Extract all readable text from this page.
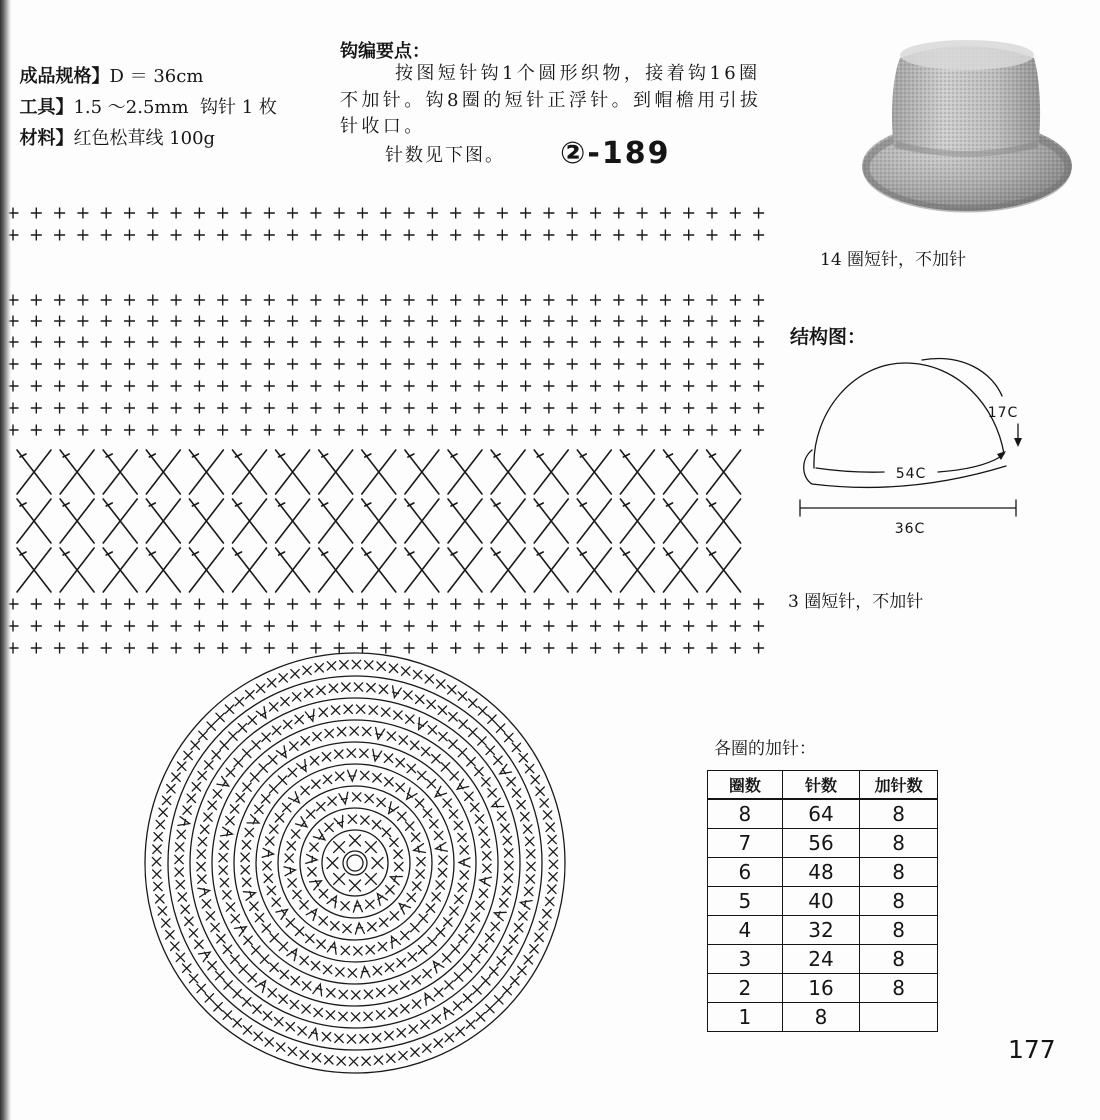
成品规格】D ＝ 36cm

工具】1.5 ～2.5mm  钩针 1 枚

材料】红色松茸线 100g

钩编要点：
按图短针钩1个圆形织物，接着钩16圈
不加针。钩8圈的短针正浮针。到帽檐用引拔
针收口。
针数见下图。 ②-189
14 圈短针，不加针
结构图：
17C
54C
36C
3 圈短针，不加针
各圈的加针：
圈数	针数	加针数
8	64	8
7	56	8
6	48	8
5	40	8
4	32	8
3	24	8
2	16	8
1	8	
177
